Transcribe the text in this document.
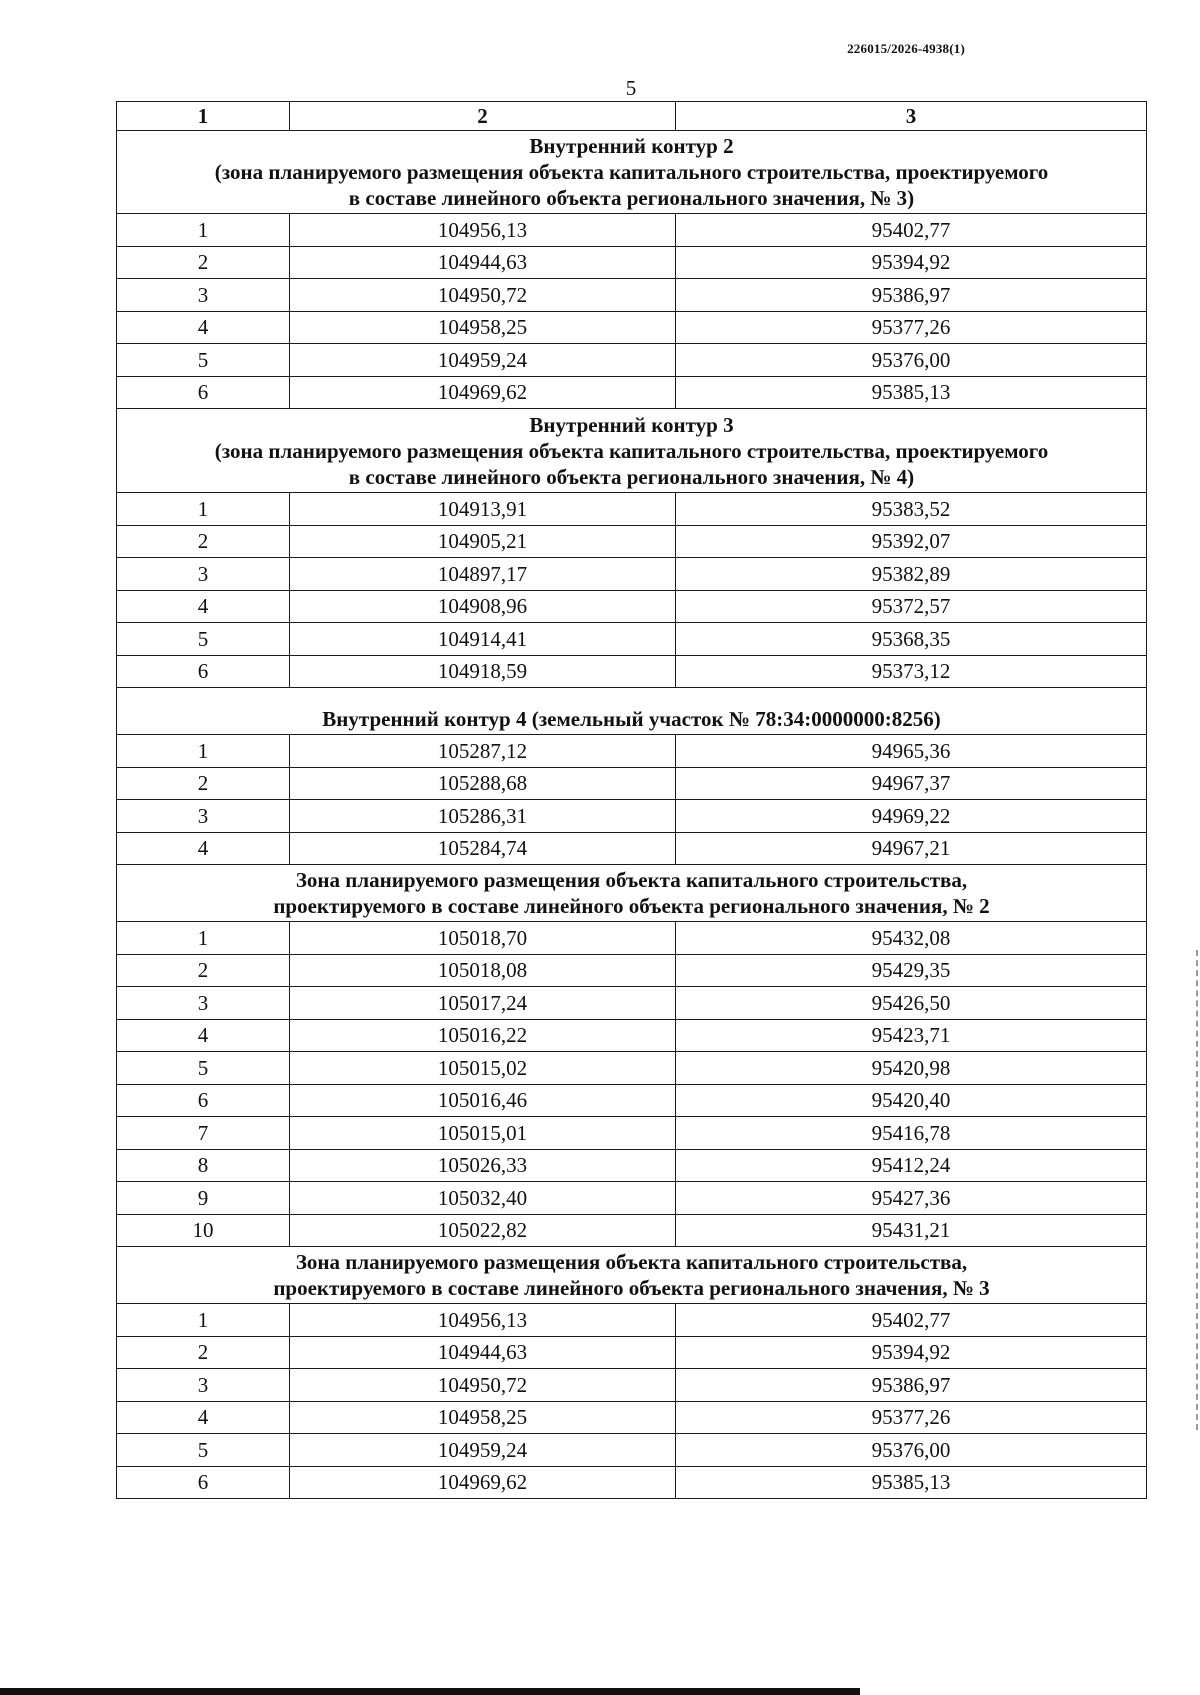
226015/2026-4938(1)
5
1	2	3

Внутренний контур 2
(зона планируемого размещения объекта капитального строительства, проектируемого
в составе линейного объекта регионального значения, № 3)		

1	104956,13	95402,77
2	104944,63	95394,92
3	104950,72	95386,97
4	104958,25	95377,26
5	104959,24	95376,00
6	104969,62	95385,13

Внутренний контур 3
(зона планируемого размещения объекта капитального строительства, проектируемого
в составе линейного объекта регионального значения, № 4)		

1	104913,91	95383,52
2	104905,21	95392,07
3	104897,17	95382,89
4	104908,96	95372,57
5	104914,41	95368,35
6	104918,59	95373,12

Внутренний контур 4 (земельный участок № 78:34:0000000:8256)		

1	105287,12	94965,36
2	105288,68	94967,37
3	105286,31	94969,22
4	105284,74	94967,21

Зона планируемого размещения объекта капитального строительства,
проектируемого в составе линейного объекта регионального значения, № 2		

1	105018,70	95432,08
2	105018,08	95429,35
3	105017,24	95426,50
4	105016,22	95423,71
5	105015,02	95420,98
6	105016,46	95420,40
7	105015,01	95416,78
8	105026,33	95412,24
9	105032,40	95427,36
10	105022,82	95431,21

Зона планируемого размещения объекта капитального строительства,
проектируемого в составе линейного объекта регионального значения, № 3		

1	104956,13	95402,77
2	104944,63	95394,92
3	104950,72	95386,97
4	104958,25	95377,26
5	104959,24	95376,00
6	104969,62	95385,13
